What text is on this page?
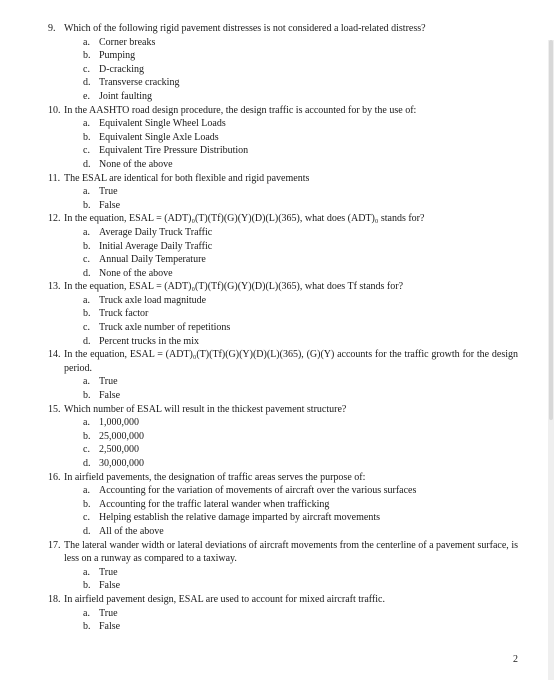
9. Which of the following rigid pavement distresses is not considered a load-related distress?
a. Corner breaks
b. Pumping
c. D-cracking
d. Transverse cracking
e. Joint faulting
10. In the AASHTO road design procedure, the design traffic is accounted for by the use of:
a. Equivalent Single Wheel Loads
b. Equivalent Single Axle Loads
c. Equivalent Tire Pressure Distribution
d. None of the above
11. The ESAL are identical for both flexible and rigid pavements
a. True
b. False
12. In the equation, ESAL = (ADT)₀(T)(Tf)(G)(Y)(D)(L)(365), what does (ADT)₀ stands for?
a. Average Daily Truck Traffic
b. Initial Average Daily Traffic
c. Annual Daily Temperature
d. None of the above
13. In the equation, ESAL = (ADT)₀(T)(Tf)(G)(Y)(D)(L)(365), what does Tf stands for?
a. Truck axle load magnitude
b. Truck factor
c. Truck axle number of repetitions
d. Percent trucks in the mix
14. In the equation, ESAL = (ADT)₀(T)(Tf)(G)(Y)(D)(L)(365), (G)(Y) accounts for the traffic growth for the design period.
a. True
b. False
15. Which number of ESAL will result in the thickest pavement structure?
a. 1,000,000
b. 25,000,000
c. 2,500,000
d. 30,000,000
16. In airfield pavements, the designation of traffic areas serves the purpose of:
a. Accounting for the variation of movements of aircraft over the various surfaces
b. Accounting for the traffic lateral wander when trafficking
c. Helping establish the relative damage imparted by aircraft movements
d. All of the above
17. The lateral wander width or lateral deviations of aircraft movements from the centerline of a pavement surface, is less on a runway as compared to a taxiway.
a. True
b. False
18. In airfield pavement design, ESAL are used to account for mixed aircraft traffic.
a. True
b. False
2
